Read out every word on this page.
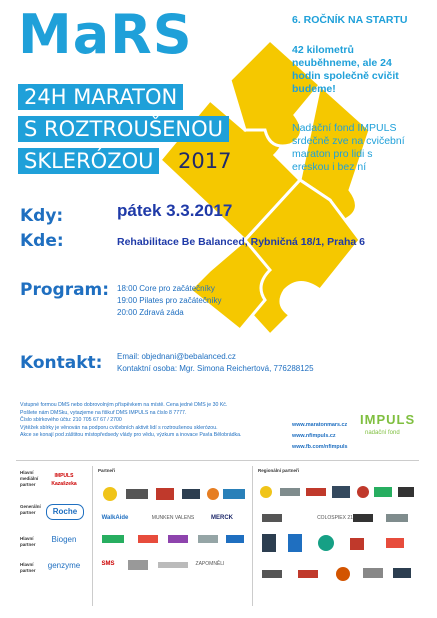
MaRS
24H MARATON
S ROZTROUŠENOU
SKLERÓZOU 2017
6. ROČNÍK NA STARTU
42 kilometrů neuběhneme, ale 24 hodin společně cvičit budeme!
Nadační fond IMPULS srdečně zve na cvičební maraton pro lidi s ereskou i bez ní
Kdy:	pátek 3.3.2017
Kde:	Rehabilitace Be Balanced, Rybničná 18/1, Praha 6
Program: 18:00 Core pro začátečníky
19:00 Pilates pro začátečníky
20:00 Zdravá záda
Kontakt: Email: objednani@bebalanced.cz
Kontaktní osoba: Mgr. Simona Reichertová, 776288125
Vstupné formou DMS nebo dobrovolným příspěvkem na místě. Cena jedné DMS je 30 Kč.
Pošlete nám DMSku, vytazjeme na fiškuř DMS IMPULS na číslo 8 7777.
Číslo sbírkového účtu: 210 705 67 67 / 2700
Výtěžek sbírky je věnován na podporu cvičebních aktivit lidí s roztroušenou sklerózou.
Akce se konají pod záštitou místopředsedy vlády pro vědu, výzkum a inovace Pavla Bělobrádka.
www.maratonmars.cz
www.nfimpuls.cz
www.fb.com/nfimpuls
IMPULS
nadační fond
Hlavní mediální partner
Generální partner
Hlavní partner
Hlavní partner
IMPULS Kazašzeka
Roche
Biogen
genzyme
Partneři	Regionální partneři
WalkAide	MUNKEN VALENS	MERCK
SMS	ZAPOMNĚLI
COLOSPIEX 21
